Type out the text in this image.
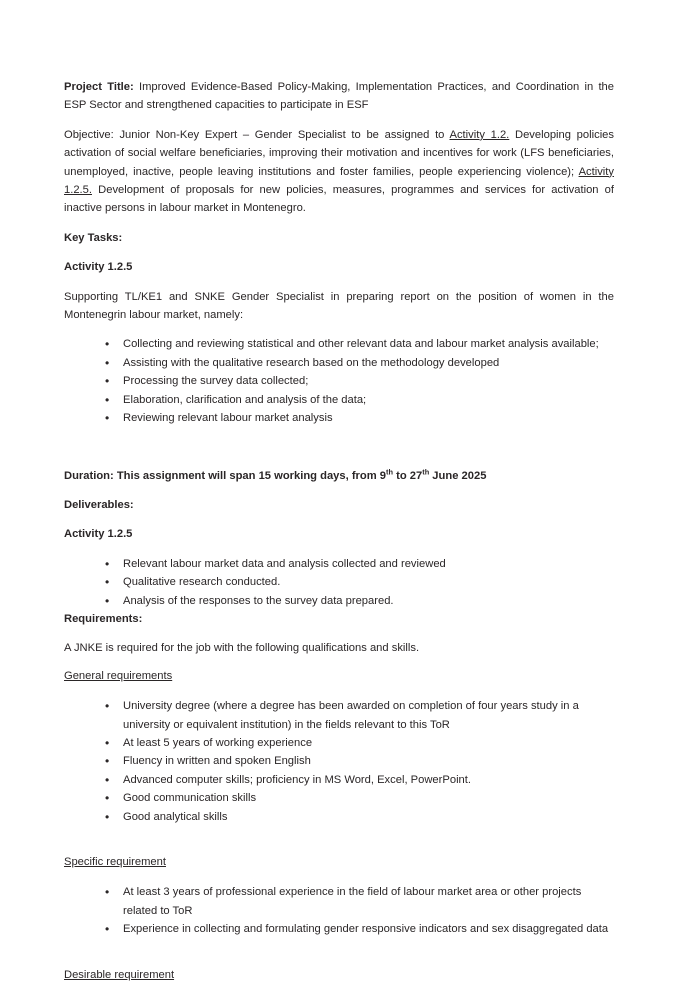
Project Title: Improved Evidence-Based Policy-Making, Implementation Practices, and Coordination in the ESP Sector and strengthened capacities to participate in ESF

Objective: Junior Non-Key Expert – Gender Specialist to be assigned to Activity 1.2. Developing policies activation of social welfare beneficiaries, improving their motivation and incentives for work (LFS beneficiaries, unemployed, inactive, people leaving institutions and foster families, people experiencing violence); Activity 1.2.5. Development of proposals for new policies, measures, programmes and services for activation of inactive persons in labour market in Montenegro.

Key Tasks:

Activity 1.2.5

Supporting TL/KE1 and SNKE Gender Specialist in preparing report on the position of women in the Montenegrin labour market, namely:

• Collecting and reviewing statistical and other relevant data and labour market analysis available;
• Assisting with the qualitative research based on the methodology developed
• Processing the survey data collected;
• Elaboration, clarification and analysis of the data;
• Reviewing relevant labour market analysis

Duration: This assignment will span 15 working days, from 9th to 27th June 2025

Deliverables:

Activity 1.2.5

• Relevant labour market data and analysis collected and reviewed
• Qualitative research conducted.
• Analysis of the responses to the survey data prepared.

Requirements:

A JNKE is required for the job with the following qualifications and skills.

General requirements

• University degree (where a degree has been awarded on completion of four years study in a university or equivalent institution) in the fields relevant to this ToR
• At least 5 years of working experience
• Fluency in written and spoken English
• Advanced computer skills; proficiency in MS Word, Excel, PowerPoint.
• Good communication skills
• Good analytical skills

Specific requirement

• At least 3 years of professional experience in the field of labour market area or other projects related to ToR
• Experience in collecting and formulating gender responsive indicators and sex disaggregated data

Desirable requirement
